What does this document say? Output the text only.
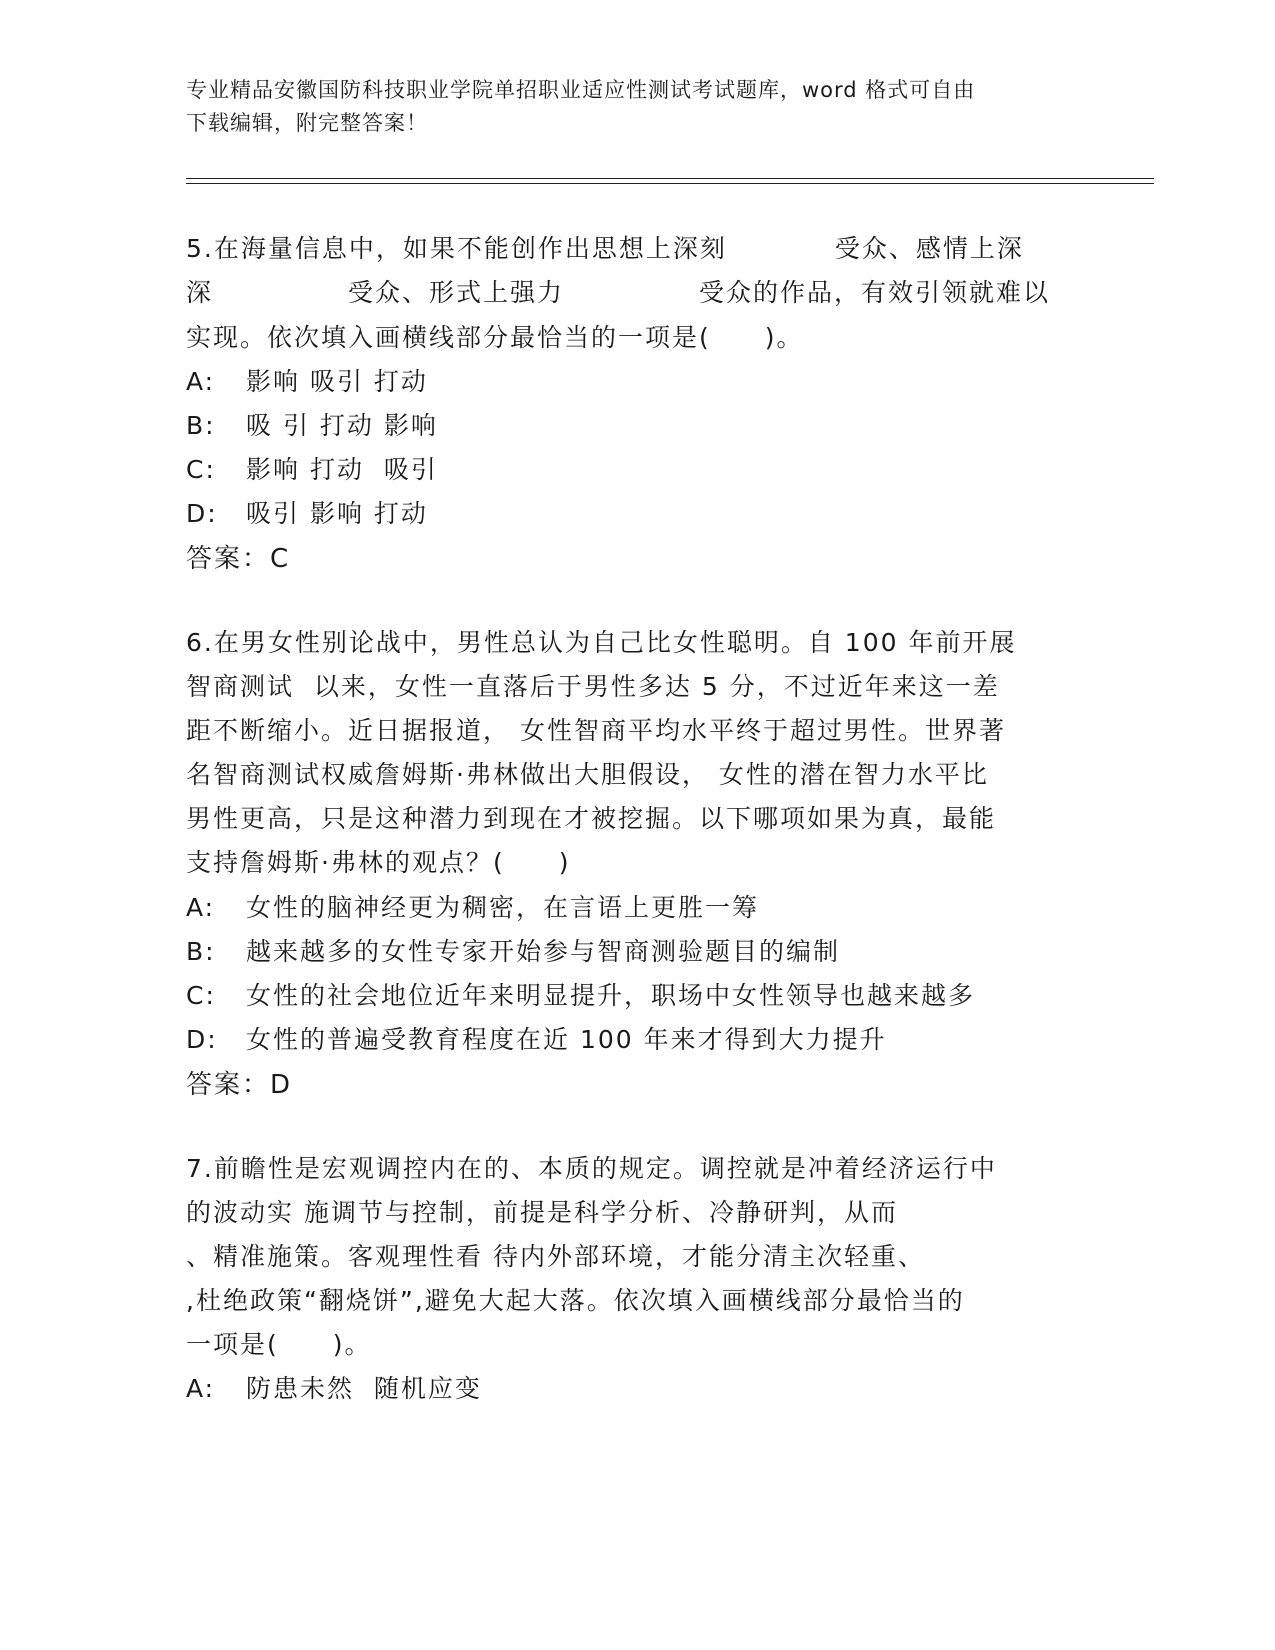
专业精品安徽国防科技职业学院单招职业适应性测试考试题库，word 格式可自由
下载编辑，附完整答案！
5.在海量信息中，如果不能创作出思想上深刻　　　　受众、感情上深
深　　　　　受众、形式上强力　　　　　受众的作品，有效引领就难以
实现。依次填入画横线部分最恰当的一项是(　　)。
A: 影响 吸引 打动
B: 吸 引 打动 影响
C: 影响 打动  吸引
D: 吸引 影响 打动
答案：C
6.在男女性别论战中，男性总认为自己比女性聪明。自 100 年前开展
智商测试  以来，女性一直落后于男性多达 5 分，不过近年来这一差
距不断缩小。近日据报道， 女性智商平均水平终于超过男性。世界著
名智商测试权威詹姆斯·弗林做出大胆假设， 女性的潜在智力水平比
男性更高，只是这种潜力到现在才被挖掘。以下哪项如果为真，最能
支持詹姆斯·弗林的观点？(　　)
A: 女性的脑神经更为稠密，在言语上更胜一筹
B: 越来越多的女性专家开始参与智商测验题目的编制
C: 女性的社会地位近年来明显提升，职场中女性领导也越来越多
D: 女性的普遍受教育程度在近 100 年来才得到大力提升
答案：D
7.前瞻性是宏观调控内在的、本质的规定。调控就是冲着经济运行中
的波动实 施调节与控制，前提是科学分析、冷静研判，从而
、精准施策。客观理性看 待内外部环境，才能分清主次轻重、
,杜绝政策“翻烧饼”,避免大起大落。依次填入画横线部分最恰当的
一项是(　　)。
A: 防患未然  随机应变
